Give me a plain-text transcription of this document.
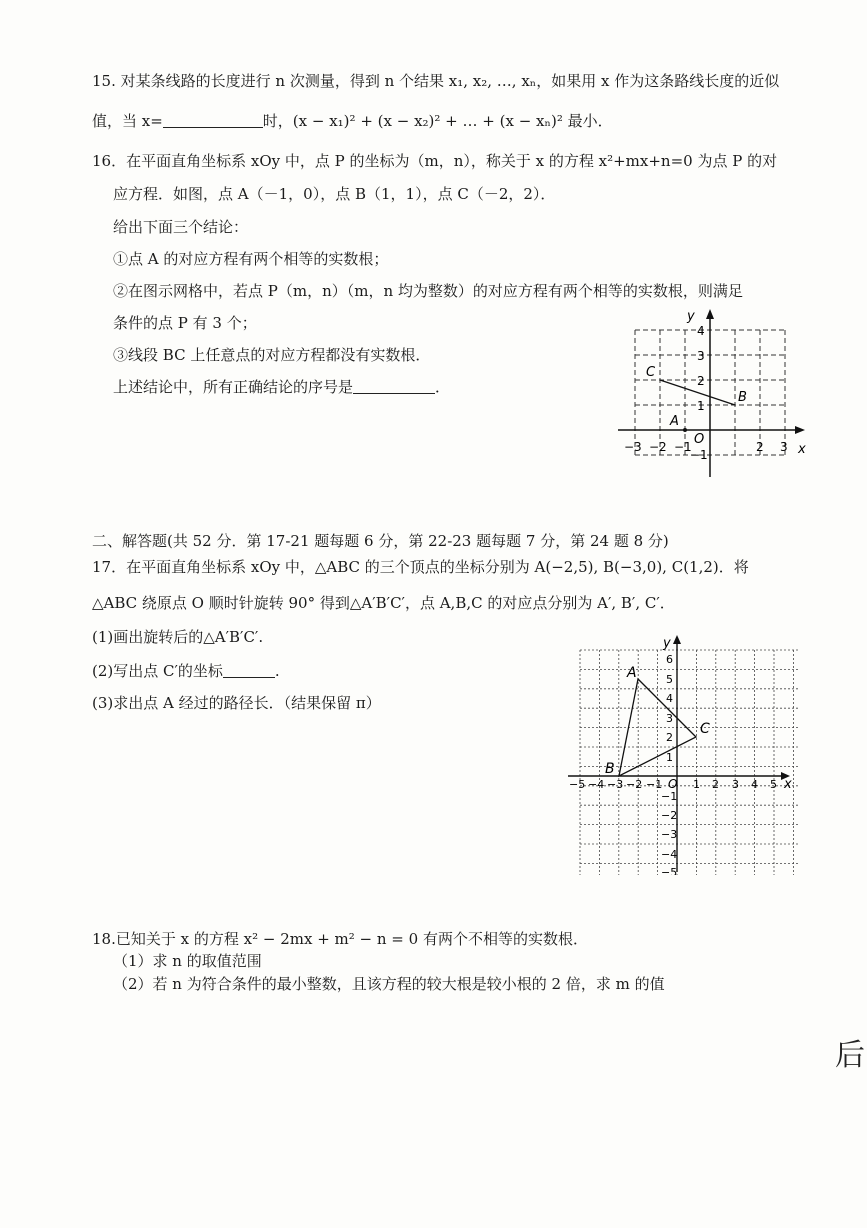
15. 对某条线路的长度进行 n 次测量，得到 n 个结果 x₁, x₂, …, xₙ，如果用 x 作为这条路线长度的近似
值，当 x=	时，(x − x₁)² + (x − x₂)² + … + (x − xₙ)² 最小．
16．在平面直角坐标系 xOy 中，点 P 的坐标为（m，n），称关于 x 的方程 x²+mx+n=0 为点 P 的对
应方程．如图，点 A（－1，0），点 B（1，1），点 C（－2，2）．
给出下面三个结论：
①点 A 的对应方程有两个相等的实数根；
②在图示网格中，若点 P（m，n）（m，n 均为整数）的对应方程有两个相等的实数根，则满足
条件的点 P 有 3 个；
③线段 BC 上任意点的对应方程都没有实数根．
上述结论中，所有正确结论的序号是	．
x
y
O
C
B
A
−3 −2 −1	2 3
4
3
2
1
−1
二、解答题(共 52 分．第 17-21 题每题 6 分，第 22-23 题每题 7 分，第 24 题 8 分)
17．在平面直角坐标系 xOy 中，△ABC 的三个顶点的坐标分别为 A(−2,5), B(−3,0), C(1,2)．将
△ABC 绕原点 O 顺时针旋转 90° 得到△A′B′C′，点 A,B,C 的对应点分别为 A′, B′, C′．
(1)画出旋转后的△A′B′C′.
(2)写出点 C′的坐标	.
(3)求出点 A 经过的路径长．（结果保留 π）
x
y
O
A
B
C
−5 −4 −3 −2 −1	1 2 3 4 5
6
5
4
3
2
1
−1
−2
−3
−4
−5
18.已知关于 x 的方程 x² − 2mx + m² − n = 0 有两个不相等的实数根．
（1）求 n 的取值范围
（2）若 n 为符合条件的最小整数，且该方程的较大根是较小根的 2 倍，求 m 的值
后
